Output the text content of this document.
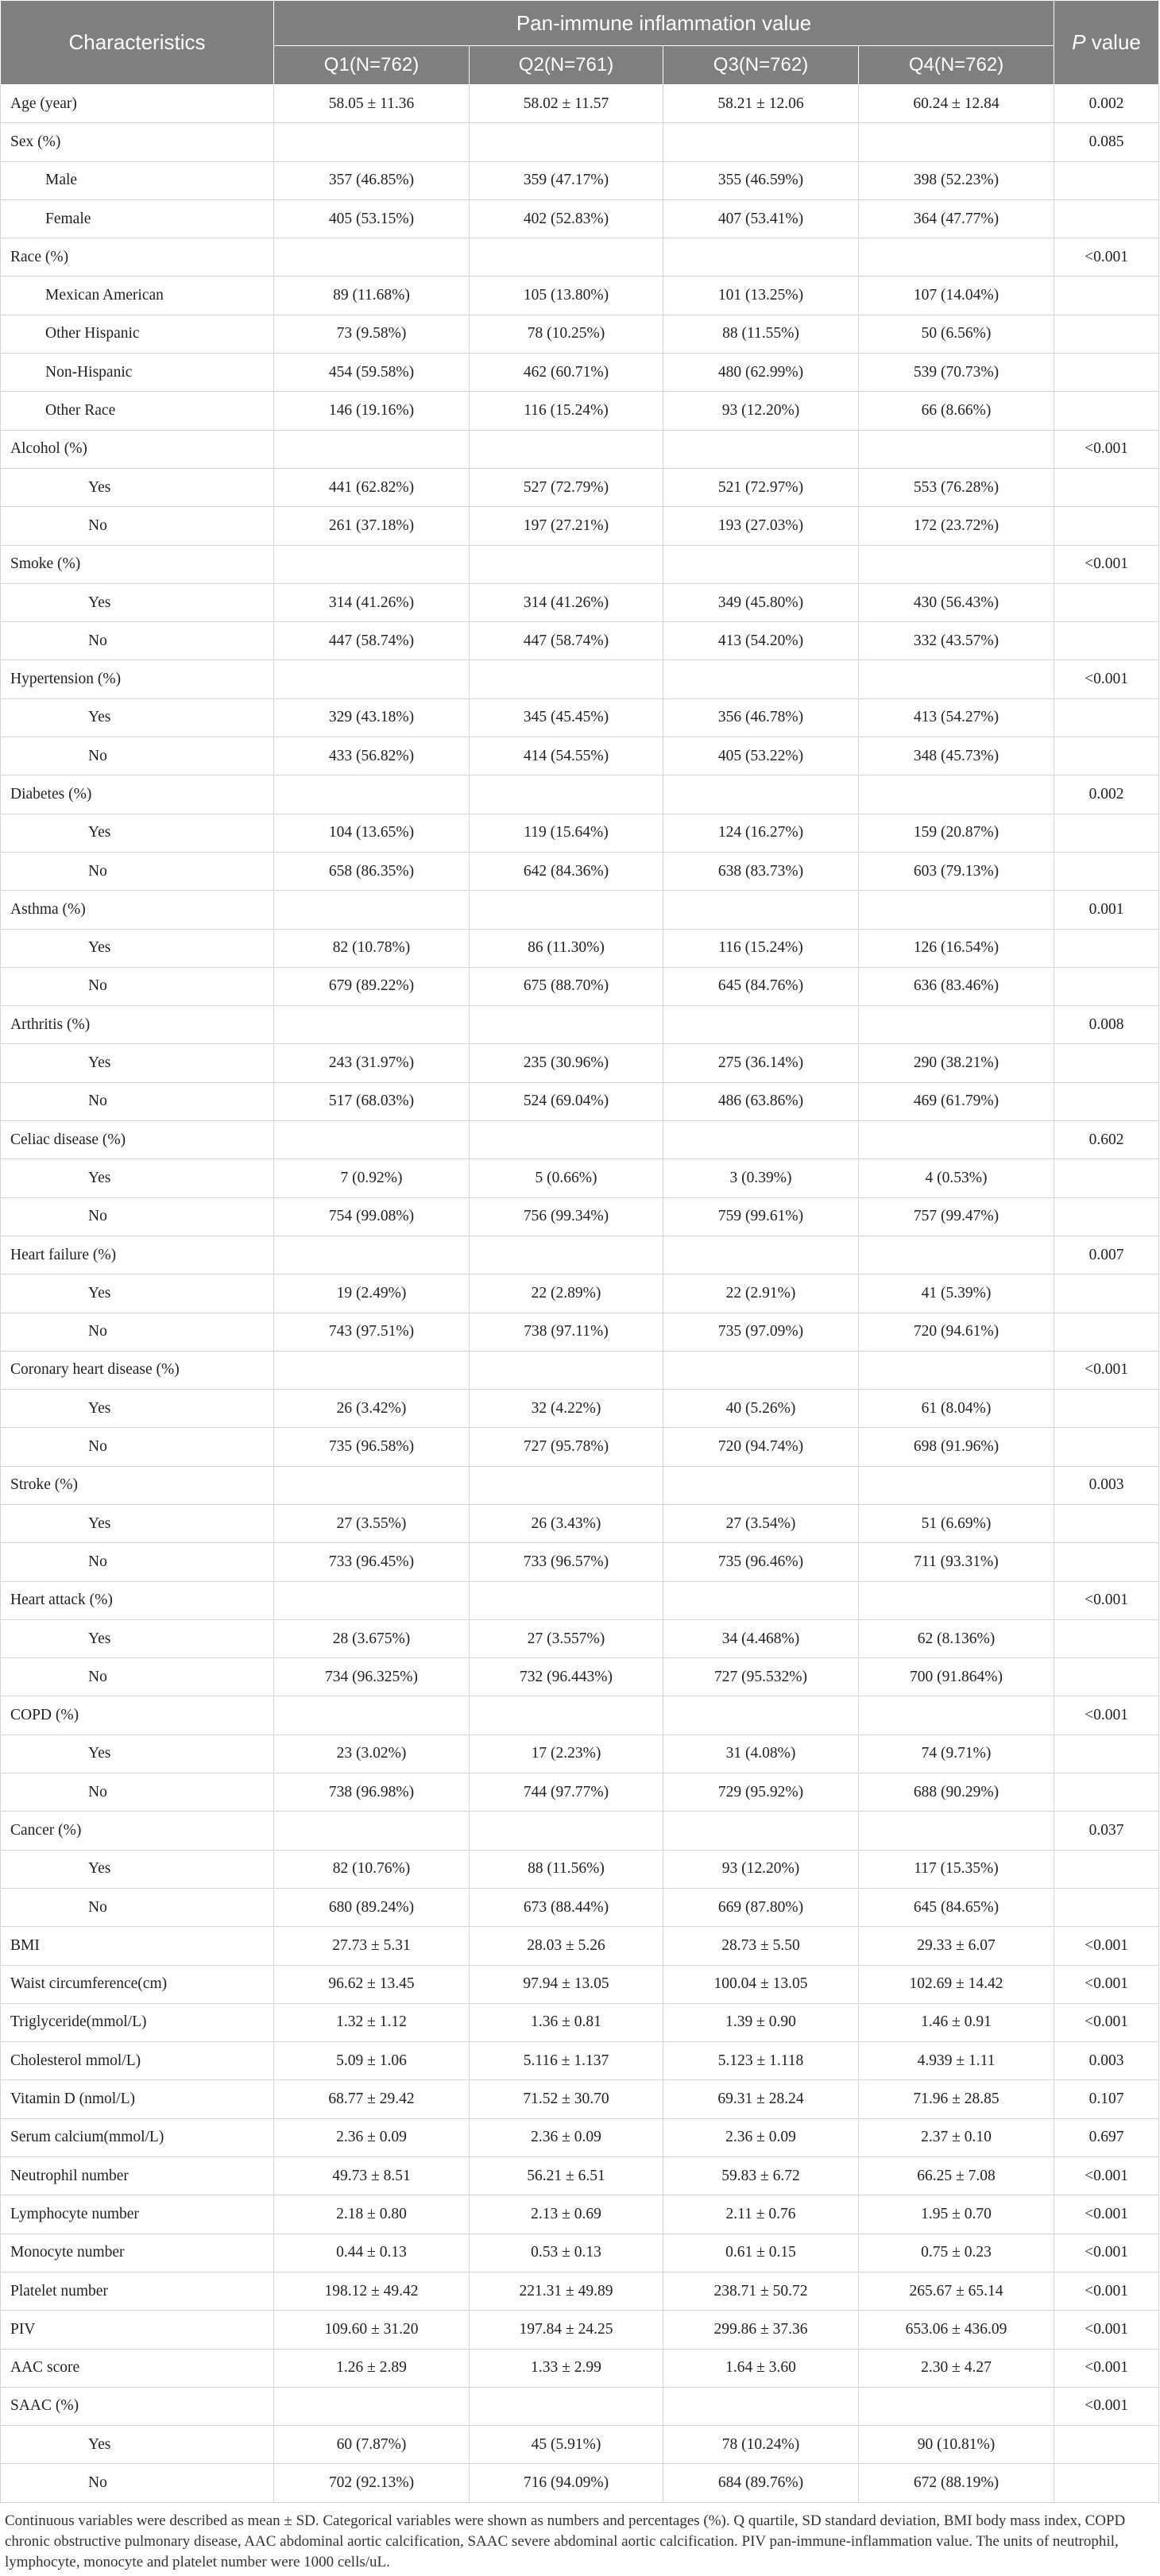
Characteristics	Pan-immune inflammation value				P value
	Q1(N=762)	Q2(N=761)	Q3(N=762)	Q4(N=762)	
Age (year)	58.05 ± 11.36	58.02 ± 11.57	58.21 ± 12.06	60.24 ± 12.84	0.002
Sex (%)					0.085
Male	357 (46.85%)	359 (47.17%)	355 (46.59%)	398 (52.23%)	
Female	405 (53.15%)	402 (52.83%)	407 (53.41%)	364 (47.77%)	
Race (%)					<0.001
Mexican American	89 (11.68%)	105 (13.80%)	101 (13.25%)	107 (14.04%)	
Other Hispanic	73 (9.58%)	78 (10.25%)	88 (11.55%)	50 (6.56%)	
Non-Hispanic	454 (59.58%)	462 (60.71%)	480 (62.99%)	539 (70.73%)	
Other Race	146 (19.16%)	116 (15.24%)	93 (12.20%)	66 (8.66%)	
Alcohol (%)					<0.001
Yes	441 (62.82%)	527 (72.79%)	521 (72.97%)	553 (76.28%)	
No	261 (37.18%)	197 (27.21%)	193 (27.03%)	172 (23.72%)	
Smoke (%)					<0.001
Yes	314 (41.26%)	314 (41.26%)	349 (45.80%)	430 (56.43%)	
No	447 (58.74%)	447 (58.74%)	413 (54.20%)	332 (43.57%)	
Hypertension (%)					<0.001
Yes	329 (43.18%)	345 (45.45%)	356 (46.78%)	413 (54.27%)	
No	433 (56.82%)	414 (54.55%)	405 (53.22%)	348 (45.73%)	
Diabetes (%)					0.002
Yes	104 (13.65%)	119 (15.64%)	124 (16.27%)	159 (20.87%)	
No	658 (86.35%)	642 (84.36%)	638 (83.73%)	603 (79.13%)	
Asthma (%)					0.001
Yes	82 (10.78%)	86 (11.30%)	116 (15.24%)	126 (16.54%)	
No	679 (89.22%)	675 (88.70%)	645 (84.76%)	636 (83.46%)	
Arthritis (%)					0.008
Yes	243 (31.97%)	235 (30.96%)	275 (36.14%)	290 (38.21%)	
No	517 (68.03%)	524 (69.04%)	486 (63.86%)	469 (61.79%)	
Celiac disease (%)					0.602
Yes	7 (0.92%)	5 (0.66%)	3 (0.39%)	4 (0.53%)	
No	754 (99.08%)	756 (99.34%)	759 (99.61%)	757 (99.47%)	
Heart failure (%)					0.007
Yes	19 (2.49%)	22 (2.89%)	22 (2.91%)	41 (5.39%)	
No	743 (97.51%)	738 (97.11%)	735 (97.09%)	720 (94.61%)	
Coronary heart disease (%)					<0.001
Yes	26 (3.42%)	32 (4.22%)	40 (5.26%)	61 (8.04%)	
No	735 (96.58%)	727 (95.78%)	720 (94.74%)	698 (91.96%)	
Stroke (%)					0.003
Yes	27 (3.55%)	26 (3.43%)	27 (3.54%)	51 (6.69%)	
No	733 (96.45%)	733 (96.57%)	735 (96.46%)	711 (93.31%)	
Heart attack (%)					<0.001
Yes	28 (3.675%)	27 (3.557%)	34 (4.468%)	62 (8.136%)	
No	734 (96.325%)	732 (96.443%)	727 (95.532%)	700 (91.864%)	
COPD (%)					<0.001
Yes	23 (3.02%)	17 (2.23%)	31 (4.08%)	74 (9.71%)	
No	738 (96.98%)	744 (97.77%)	729 (95.92%)	688 (90.29%)	
Cancer (%)					0.037
Yes	82 (10.76%)	88 (11.56%)	93 (12.20%)	117 (15.35%)	
No	680 (89.24%)	673 (88.44%)	669 (87.80%)	645 (84.65%)	
BMI	27.73 ± 5.31	28.03 ± 5.26	28.73 ± 5.50	29.33 ± 6.07	<0.001
Waist circumference(cm)	96.62 ± 13.45	97.94 ± 13.05	100.04 ± 13.05	102.69 ± 14.42	<0.001
Triglyceride(mmol/L)	1.32 ± 1.12	1.36 ± 0.81	1.39 ± 0.90	1.46 ± 0.91	<0.001
Cholesterol mmol/L)	5.09 ± 1.06	5.116 ± 1.137	5.123 ± 1.118	4.939 ± 1.11	0.003
Vitamin D (nmol/L)	68.77 ± 29.42	71.52 ± 30.70	69.31 ± 28.24	71.96 ± 28.85	0.107
Serum calcium(mmol/L)	2.36 ± 0.09	2.36 ± 0.09	2.36 ± 0.09	2.37 ± 0.10	0.697
Neutrophil number	49.73 ± 8.51	56.21 ± 6.51	59.83 ± 6.72	66.25 ± 7.08	<0.001
Lymphocyte number	2.18 ± 0.80	2.13 ± 0.69	2.11 ± 0.76	1.95 ± 0.70	<0.001
Monocyte number	0.44 ± 0.13	0.53 ± 0.13	0.61 ± 0.15	0.75 ± 0.23	<0.001
Platelet number	198.12 ± 49.42	221.31 ± 49.89	238.71 ± 50.72	265.67 ± 65.14	<0.001
PIV	109.60 ± 31.20	197.84 ± 24.25	299.86 ± 37.36	653.06 ± 436.09	<0.001
AAC score	1.26 ± 2.89	1.33 ± 2.99	1.64 ± 3.60	2.30 ± 4.27	<0.001
SAAC (%)					<0.001
Yes	60 (7.87%)	45 (5.91%)	78 (10.24%)	90 (10.81%)	
No	702 (92.13%)	716 (94.09%)	684 (89.76%)	672 (88.19%)	
Continuous variables were described as mean ± SD. Categorical variables were shown as numbers and percentages (%). Q quartile, SD standard deviation, BMI body mass index, COPD chronic obstructive pulmonary disease, AAC abdominal aortic calcification, SAAC severe abdominal aortic calcification. PIV pan-immune-inflammation value. The units of neutrophil, lymphocyte, monocyte and platelet number were 1000 cells/uL.
